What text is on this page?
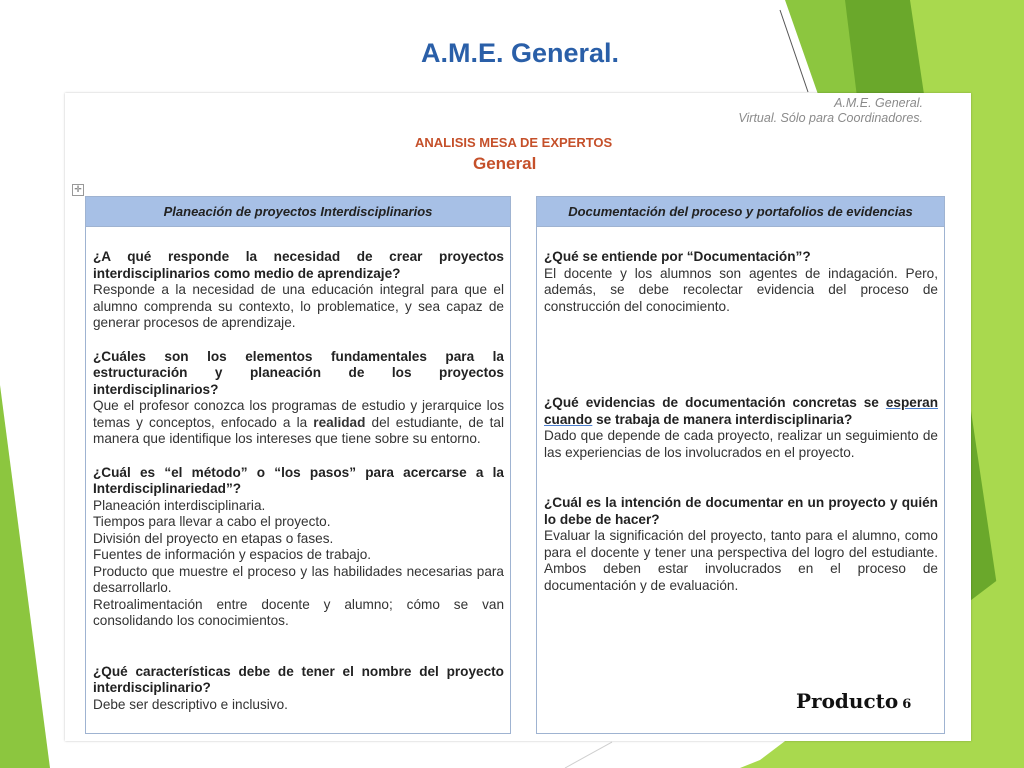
A.M.E. General.
A.M.E. General.
Virtual. Sólo para Coordinadores.
ANALISIS MESA DE EXPERTOS
General
✛
Planeación de proyectos Interdisciplinarios
¿A qué responde la necesidad de crear proyectos interdisciplinarios como medio de aprendizaje?
Responde a la necesidad de una educación integral para que el alumno comprenda su contexto, lo problematice, y sea capaz de generar procesos de aprendizaje.
¿Cuáles son los elementos fundamentales para la estructuración y planeación de los proyectos interdisciplinarios?
Que el profesor conozca los programas de estudio y jerarquice los temas y conceptos, enfocado a la realidad del estudiante, de tal manera que identifique los intereses que tiene sobre su entorno.
¿Cuál es “el método” o “los pasos” para acercarse a la Interdisciplinariedad”?
Planeación interdisciplinaria.
Tiempos para llevar a cabo el proyecto.
División del proyecto en etapas o fases.
Fuentes de información y espacios de trabajo.
Producto que muestre el proceso y las habilidades necesarias para desarrollarlo.
Retroalimentación entre docente y alumno; cómo se van consolidando los conocimientos.
¿Qué características debe de tener el nombre del proyecto interdisciplinario?
Debe ser descriptivo e inclusivo.
Documentación del proceso y portafolios de evidencias
¿Qué se entiende por “Documentación”?
El docente y los alumnos son agentes de indagación. Pero, además, se debe recolectar evidencia del proceso de construcción del conocimiento.
¿Qué evidencias de documentación concretas se esperan cuando se trabaja de manera interdisciplinaria?
Dado que depende de cada proyecto, realizar un seguimiento de las experiencias de los involucrados en el proyecto.
¿Cuál es la intención de documentar en un proyecto y quién lo debe de hacer?
Evaluar la significación del proyecto, tanto para el alumno, como para el docente y tener una perspectiva del logro del estudiante. Ambos deben estar involucrados en el proceso de documentación y de evaluación.
Producto 6
